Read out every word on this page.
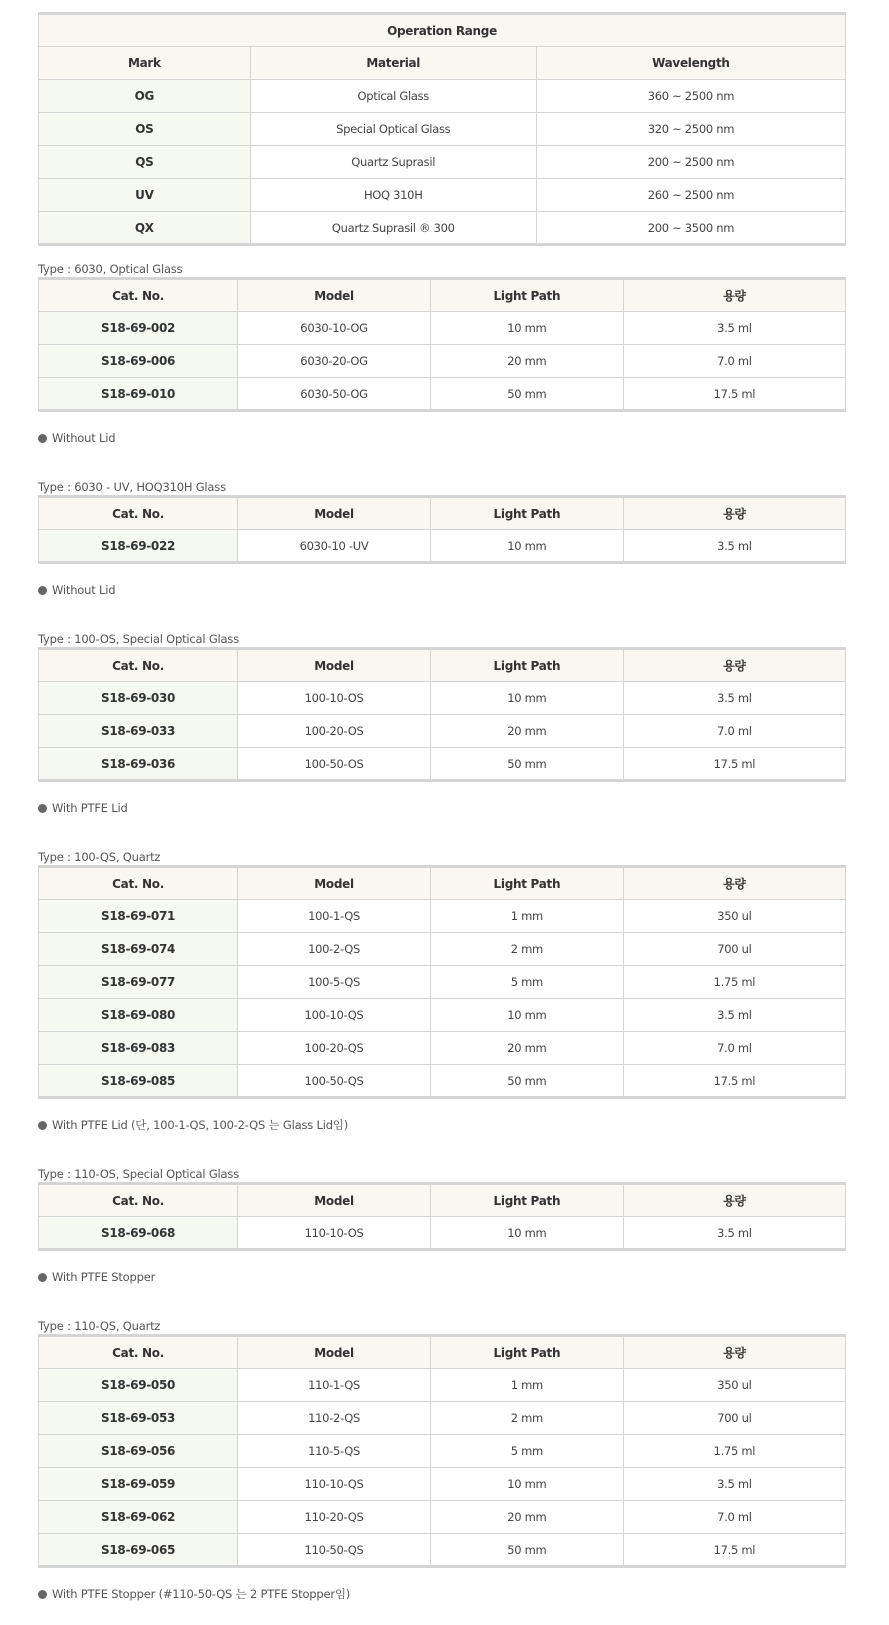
Operation Range		
Mark	Material	Wavelength
OG	Optical Glass	360 ~ 2500 nm
OS	Special Optical Glass	320 ~ 2500 nm
QS	Quartz Suprasil	200 ~ 2500 nm
UV	HOQ 310H	260 ~ 2500 nm
QX	Quartz Suprasil ® 300	200 ~ 3500 nm
Type : 6030, Optical Glass
Cat. No.	Model	Light Path	용량
S18-69-002	6030-10-OG	10 mm	3.5 ml
S18-69-006	6030-20-OG	20 mm	7.0 ml
S18-69-010	6030-50-OG	50 mm	17.5 ml
Without Lid
Type : 6030 - UV, HOQ310H Glass
Cat. No.	Model	Light Path	용량
S18-69-022	6030-10 -UV	10 mm	3.5 ml
Without Lid
Type : 100-OS, Special Optical Glass
Cat. No.	Model	Light Path	용량
S18-69-030	100-10-OS	10 mm	3.5 ml
S18-69-033	100-20-OS	20 mm	7.0 ml
S18-69-036	100-50-OS	50 mm	17.5 ml
With PTFE Lid
Type : 100-QS, Quartz
Cat. No.	Model	Light Path	용량
S18-69-071	100-1-QS	1 mm	350 ul
S18-69-074	100-2-QS	2 mm	700 ul
S18-69-077	100-5-QS	5 mm	1.75 ml
S18-69-080	100-10-QS	10 mm	3.5 ml
S18-69-083	100-20-QS	20 mm	7.0 ml
S18-69-085	100-50-QS	50 mm	17.5 ml
With PTFE Lid (단, 100-1-QS, 100-2-QS 는 Glass Lid임)
Type : 110-OS, Special Optical Glass
Cat. No.	Model	Light Path	용량
S18-69-068	110-10-OS	10 mm	3.5 ml
With PTFE Stopper
Type : 110-QS, Quartz
Cat. No.	Model	Light Path	용량
S18-69-050	110-1-QS	1 mm	350 ul
S18-69-053	110-2-QS	2 mm	700 ul
S18-69-056	110-5-QS	5 mm	1.75 ml
S18-69-059	110-10-QS	10 mm	3.5 ml
S18-69-062	110-20-QS	20 mm	7.0 ml
S18-69-065	110-50-QS	50 mm	17.5 ml
With PTFE Stopper (#110-50-QS 는 2 PTFE Stopper임)
